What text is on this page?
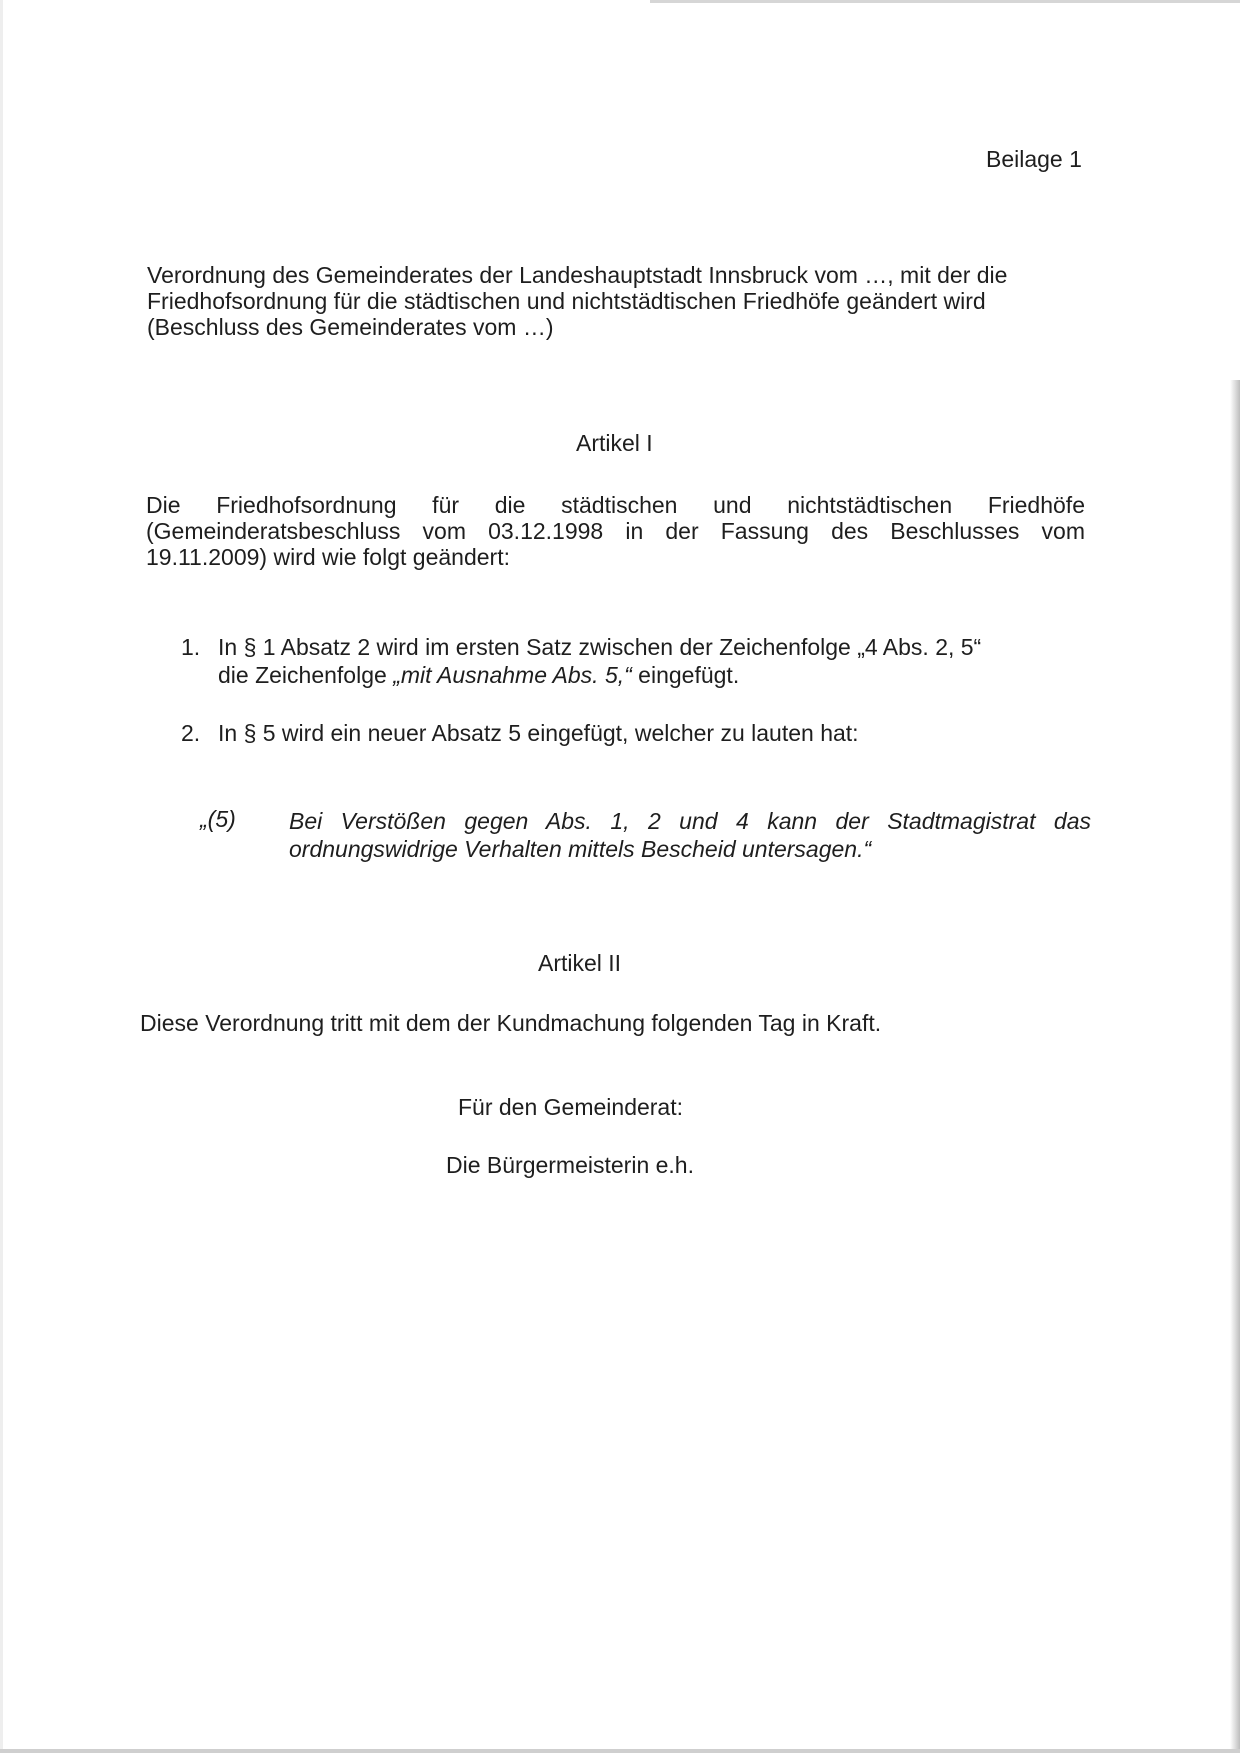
Beilage 1
Verordnung des Gemeinderates der Landeshauptstadt Innsbruck vom …, mit der die
Friedhofsordnung für die städtischen und nichtstädtischen Friedhöfe geändert wird
(Beschluss des Gemeinderates vom …)
Artikel I
Die Friedhofsordnung für die städtischen und nichtstädtischen Friedhöfe
(Gemeinderatsbeschluss vom 03.12.1998 in der Fassung des Beschlusses vom
19.11.2009) wird wie folgt geändert:
1. In § 1 Absatz 2 wird im ersten Satz zwischen der Zeichenfolge „4 Abs. 2, 5“
die Zeichenfolge „mit Ausnahme Abs. 5,“ eingefügt.
2. In § 5 wird ein neuer Absatz 5 eingefügt, welcher zu lauten hat:
„(5) Bei Verstößen gegen Abs. 1, 2 und 4 kann der Stadtmagistrat das
ordnungswidrige Verhalten mittels Bescheid untersagen.“
Artikel II
Diese Verordnung tritt mit dem der Kundmachung folgenden Tag in Kraft.
Für den Gemeinderat:
Die Bürgermeisterin e.h.
